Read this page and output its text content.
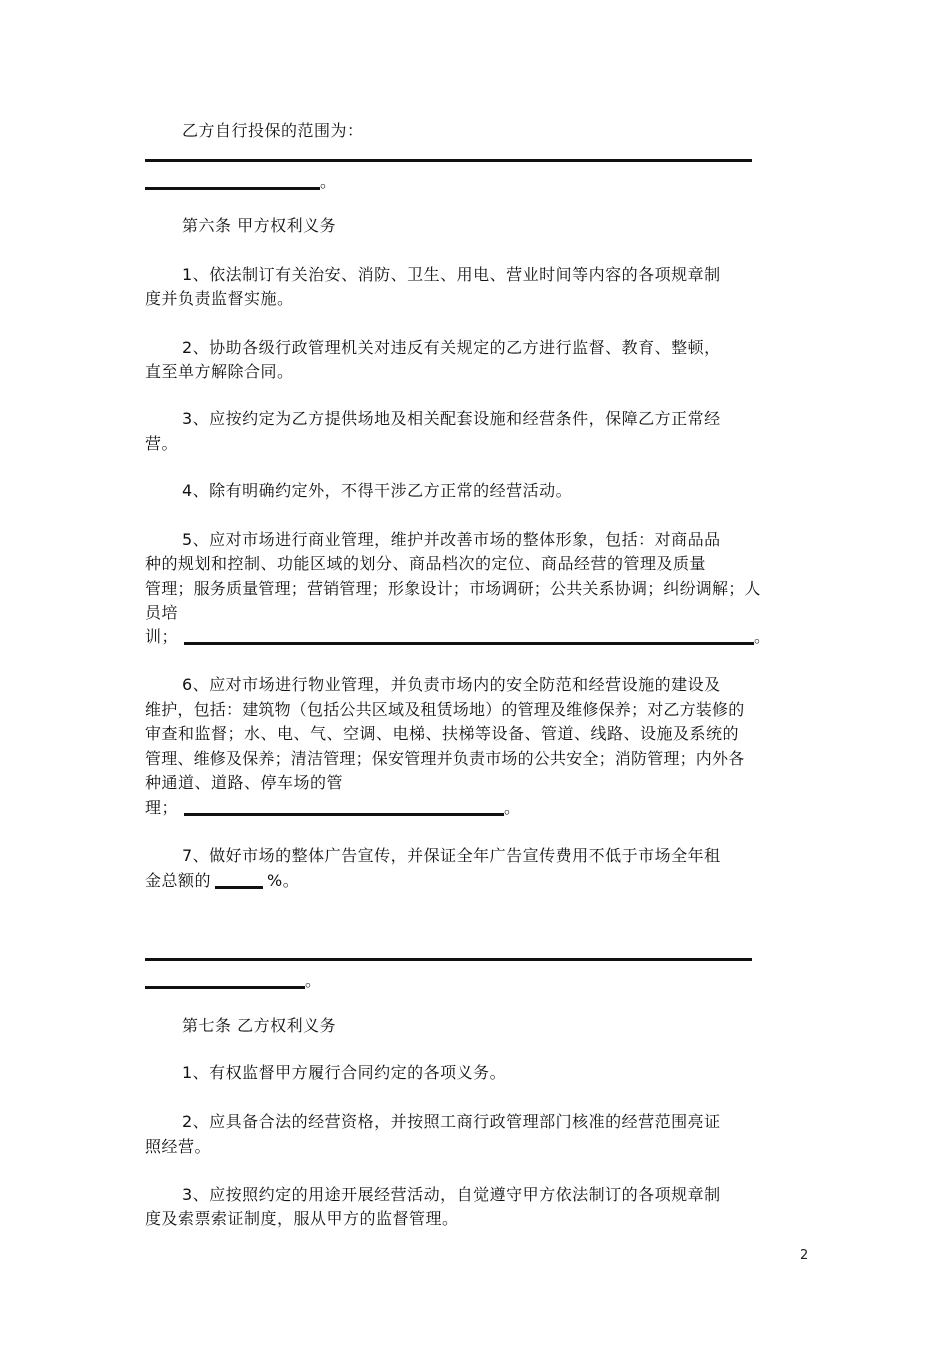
乙方自行投保的范围为：
。
第六条 甲方权利义务
1、依法制订有关治安、消防、卫生、用电、营业时间等内容的各项规章制
度并负责监督实施。
2、协助各级行政管理机关对违反有关规定的乙方进行监督、教育、整顿，
直至单方解除合同。
3、应按约定为乙方提供场地及相关配套设施和经营条件，保障乙方正常经
营。
4、除有明确约定外，不得干涉乙方正常的经营活动。
5、应对市场进行商业管理，维护并改善市场的整体形象，包括：对商品品
种的规划和控制、功能区域的划分、商品档次的定位、商品经营的管理及质量
管理；服务质量管理；营销管理；形象设计；市场调研；公共关系协调；纠纷调解；人
员培
训；	。
6、应对市场进行物业管理，并负责市场内的安全防范和经营设施的建设及
维护，包括：建筑物（包括公共区域及租赁场地）的管理及维修保养；对乙方装修的
审查和监督；水、电、气、空调、电梯、扶梯等设备、管道、线路、设施及系统的
管理、维修及保养；清洁管理；保安管理并负责市场的公共安全；消防管理；内外各
种通道、道路、停车场的管
理；	。
7、做好市场的整体广告宣传，并保证全年广告宣传费用不低于市场全年租
金总额的	%。
。
第七条 乙方权利义务
1、有权监督甲方履行合同约定的各项义务。
2、应具备合法的经营资格，并按照工商行政管理部门核准的经营范围亮证
照经营。
3、应按照约定的用途开展经营活动，自觉遵守甲方依法制订的各项规章制
度及索票索证制度，服从甲方的监督管理。
2
